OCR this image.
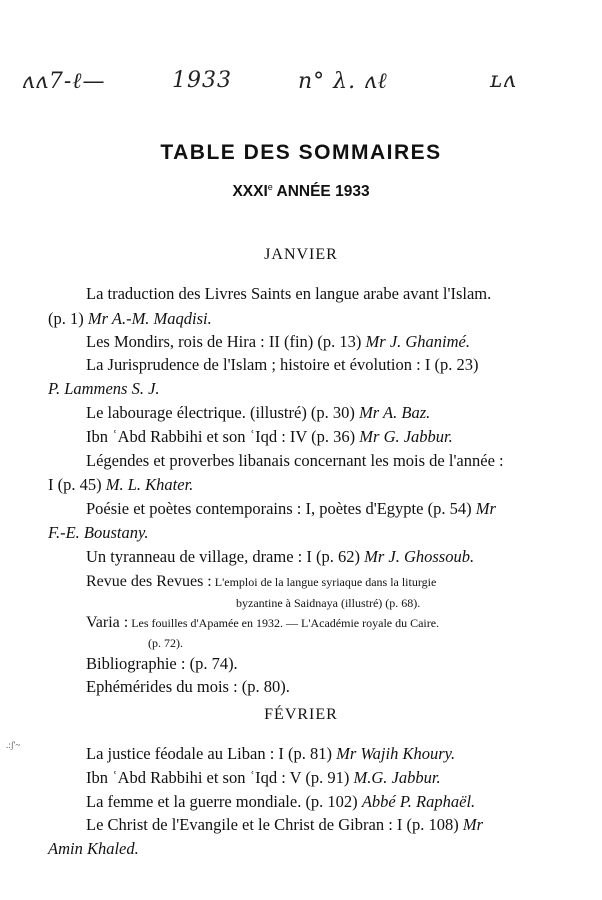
ʌʌ7-ℓ—	1933	n° λ. ʌℓ	ʟʌ
TABLE DES SOMMAIRES
XXXIe ANNÉE 1933
JANVIER
La traduction des Livres Saints en langue arabe avant l'Islam.
(p. 1) Mr A.-M. Maqdisi.
Les Mondirs, rois de Hira : II (fin) (p. 13) Mr J. Ghanimé.
La Jurisprudence de l'Islam ; histoire et évolution : I (p. 23)
P. Lammens S. J.
Le labourage électrique. (illustré) (p. 30) Mr A. Baz.
Ibn ʿAbd Rabbihi et son ʿIqd : IV (p. 36) Mr G. Jabbur.
Légendes et proverbes libanais concernant les mois de l'année :
I (p. 45) M. L. Khater.
Poésie et poètes contemporains : I, poètes d'Egypte (p. 54) Mr
F.-E. Boustany.
Un tyranneau de village, drame : I (p. 62) Mr J. Ghossoub.
Revue des Revues : L'emploi de la langue syriaque dans la liturgie
byzantine à Saidnaya (illustré) (p. 68).
Varia : Les fouilles d'Apamée en 1932. — L'Académie royale du Caire.
(p. 72).
Bibliographie : (p. 74).
Ephémérides du mois : (p. 80).
FÉVRIER
.:ʃ'~	La justice féodale au Liban : I (p. 81) Mr Wajih Khoury.
Ibn ʿAbd Rabbihi et son ʿIqd : V (p. 91) M.G. Jabbur.
La femme et la guerre mondiale. (p. 102) Abbé P. Raphaël.
Le Christ de l'Evangile et le Christ de Gibran : I (p. 108) Mr
Amin Khaled.
